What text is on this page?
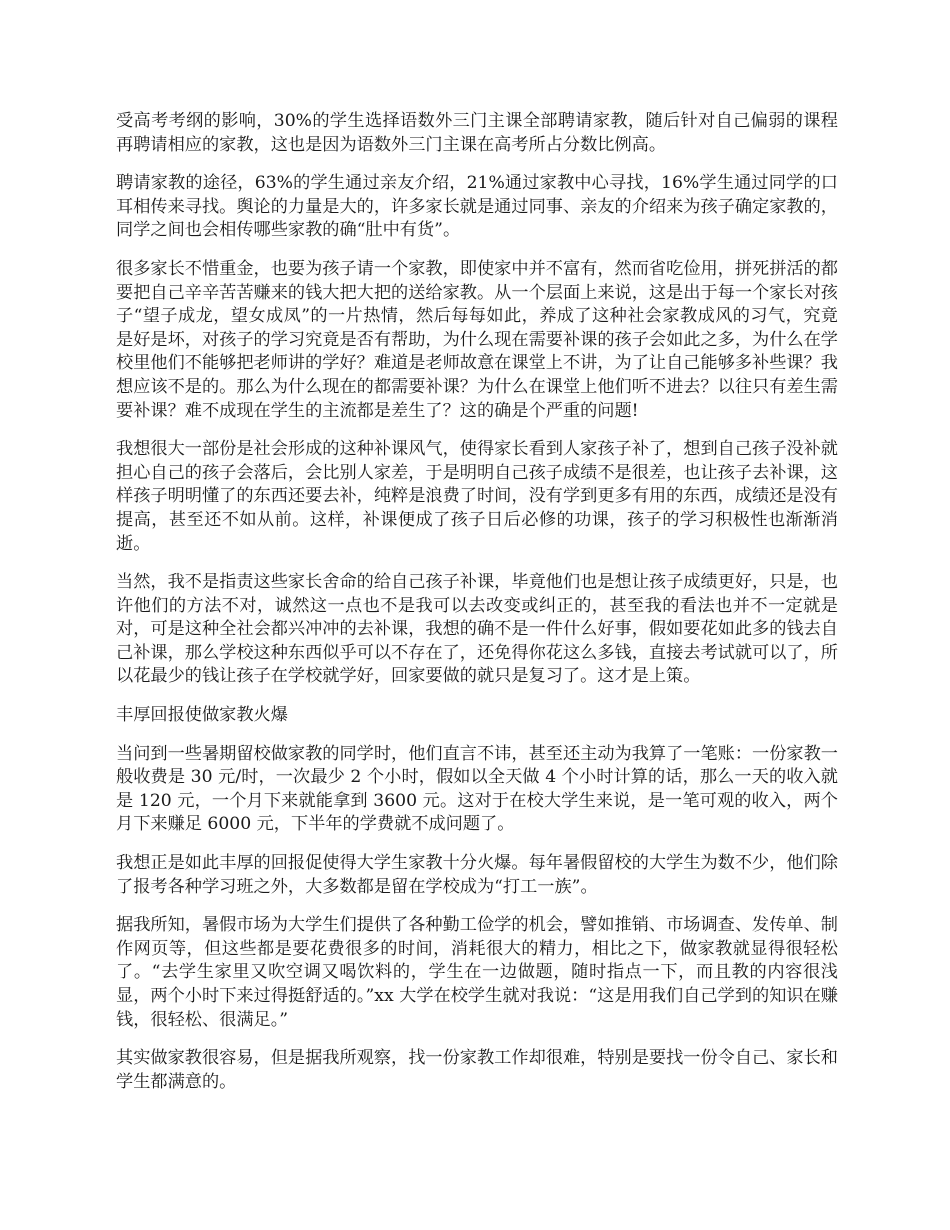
受高考考纲的影响，30%的学生选择语数外三门主课全部聘请家教，随后针对自己偏弱的课程再聘请相应的家教，这也是因为语数外三门主课在高考所占分数比例高。

聘请家教的途径，63%的学生通过亲友介绍，21%通过家教中心寻找，16%学生通过同学的口耳相传来寻找。舆论的力量是大的，许多家长就是通过同事、亲友的介绍来为孩子确定家教的，同学之间也会相传哪些家教的确“肚中有货”。

很多家长不惜重金，也要为孩子请一个家教，即使家中并不富有，然而省吃俭用，拼死拼活的都要把自己辛辛苦苦赚来的钱大把大把的送给家教。从一个层面上来说，这是出于每一个家长对孩子“望子成龙，望女成凤”的一片热情，然后每每如此，养成了这种社会家教成风的习气，究竟是好是坏，对孩子的学习究竟是否有帮助，为什么现在需要补课的孩子会如此之多，为什么在学校里他们不能够把老师讲的学好？难道是老师故意在课堂上不讲，为了让自己能够多补些课？我想应该不是的。那么为什么现在的都需要补课？为什么在课堂上他们听不进去？以往只有差生需要补课？难不成现在学生的主流都是差生了？这的确是个严重的问题!

我想很大一部份是社会形成的这种补课风气，使得家长看到人家孩子补了，想到自己孩子没补就担心自己的孩子会落后，会比别人家差，于是明明自己孩子成绩不是很差，也让孩子去补课，这样孩子明明懂了的东西还要去补，纯粹是浪费了时间，没有学到更多有用的东西，成绩还是没有提高，甚至还不如从前。这样，补课便成了孩子日后必修的功课，孩子的学习积极性也渐渐消逝。

当然，我不是指责这些家长舍命的给自己孩子补课，毕竟他们也是想让孩子成绩更好，只是，也许他们的方法不对，诚然这一点也不是我可以去改变或纠正的，甚至我的看法也并不一定就是对，可是这种全社会都兴冲冲的去补课，我想的确不是一件什么好事，假如要花如此多的钱去自己补课，那么学校这种东西似乎可以不存在了，还免得你花这么多钱，直接去考试就可以了，所以花最少的钱让孩子在学校就学好，回家要做的就只是复习了。这才是上策。

丰厚回报使做家教火爆

当问到一些暑期留校做家教的同学时，他们直言不讳，甚至还主动为我算了一笔账：一份家教一般收费是 30 元/时，一次最少 2 个小时，假如以全天做 4 个小时计算的话，那么一天的收入就是 120 元，一个月下来就能拿到 3600 元。这对于在校大学生来说，是一笔可观的收入，两个月下来赚足 6000 元，下半年的学费就不成问题了。

我想正是如此丰厚的回报促使得大学生家教十分火爆。每年暑假留校的大学生为数不少，他们除了报考各种学习班之外，大多数都是留在学校成为“打工一族”。

据我所知，暑假市场为大学生们提供了各种勤工俭学的机会，譬如推销、市场调查、发传单、制作网页等，但这些都是要花费很多的时间，消耗很大的精力，相比之下，做家教就显得很轻松了。“去学生家里又吹空调又喝饮料的，学生在一边做题，随时指点一下，而且教的内容很浅显，两个小时下来过得挺舒适的。”xx 大学在校学生就对我说：“这是用我们自己学到的知识在赚钱，很轻松、很满足。”

其实做家教很容易，但是据我所观察，找一份家教工作却很难，特别是要找一份令自己、家长和学生都满意的。
